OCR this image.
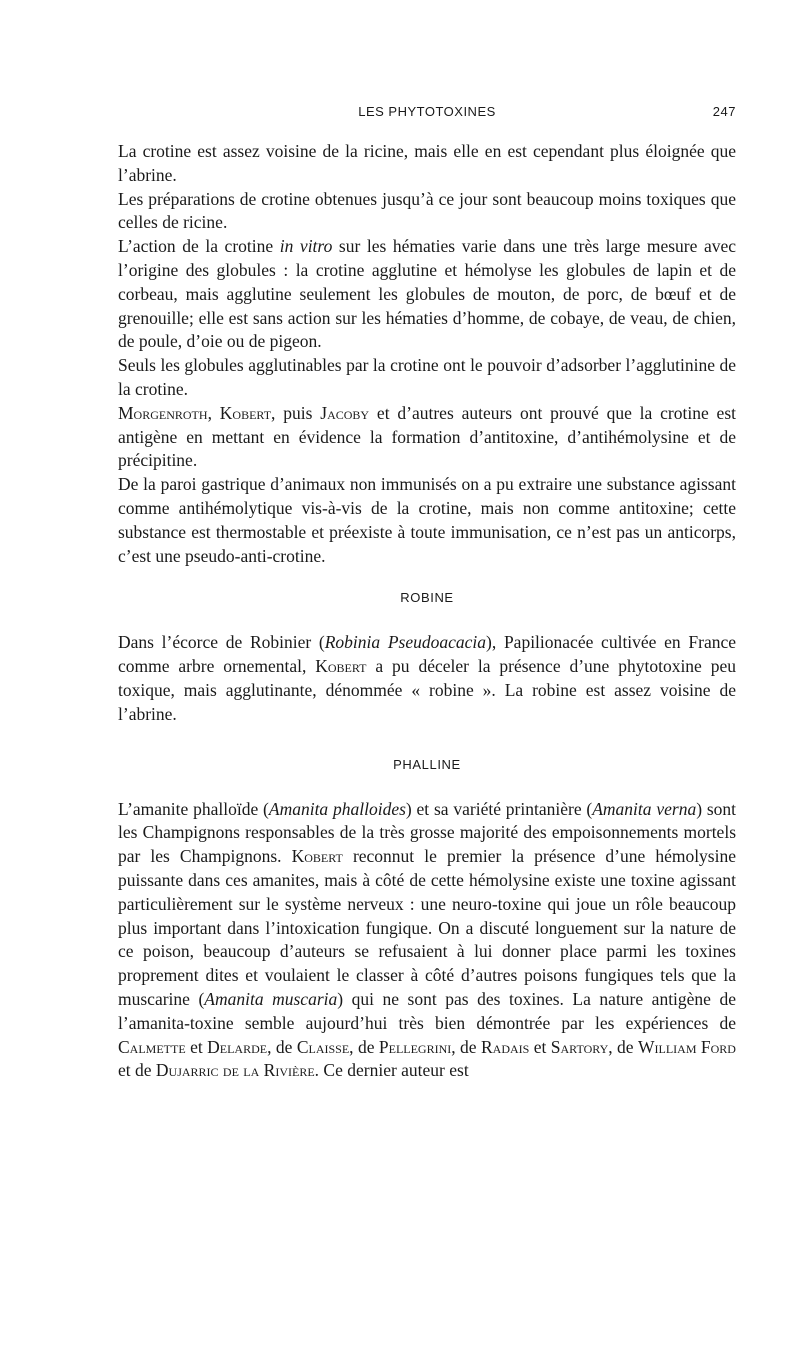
LES PHYTOTOXINES	247

La crotine est assez voisine de la ricine, mais elle en est cependant plus éloignée que l’abrine.

Les préparations de crotine obtenues jusqu’à ce jour sont beaucoup moins toxiques que celles de ricine.

L’action de la crotine in vitro sur les hématies varie dans une très large mesure avec l’origine des globules : la crotine agglutine et hémolyse les globules de lapin et de corbeau, mais agglutine seulement les globules de mouton, de porc, de bœuf et de grenouille; elle est sans action sur les hématies d’homme, de cobaye, de veau, de chien, de poule, d’oie ou de pigeon.

Seuls les globules agglutinables par la crotine ont le pouvoir d’adsorber l’agglutinine de la crotine.

Morgenroth, Kobert, puis Jacoby et d’autres auteurs ont prouvé que la crotine est antigène en mettant en évidence la formation d’antitoxine, d’antihémolysine et de précipitine.

De la paroi gastrique d’animaux non immunisés on a pu extraire une substance agissant comme antihémolytique vis-à-vis de la crotine, mais non comme antitoxine; cette substance est thermostable et préexiste à toute immunisation, ce n’est pas un anticorps, c’est une pseudo-anti-crotine.

ROBINE

Dans l’écorce de Robinier (Robinia Pseudoacacia), Papilionacée cultivée en France comme arbre ornemental, Kobert a pu déceler la présence d’une phytotoxine peu toxique, mais agglutinante, dénommée « robine ». La robine est assez voisine de l’abrine.

PHALLINE

L’amanite phalloïde (Amanita phalloides) et sa variété printanière (Amanita verna) sont les Champignons responsables de la très grosse majorité des empoisonnements mortels par les Champignons. Kobert reconnut le premier la présence d’une hémolysine puissante dans ces amanites, mais à côté de cette hémolysine existe une toxine agissant particulièrement sur le système nerveux : une neuro-toxine qui joue un rôle beaucoup plus important dans l’intoxication fungique. On a discuté longuement sur la nature de ce poison, beaucoup d’auteurs se refusaient à lui donner place parmi les toxines proprement dites et voulaient le classer à côté d’autres poisons fungiques tels que la muscarine (Amanita muscaria) qui ne sont pas des toxines. La nature antigène de l’amanita-toxine semble aujourd’hui très bien démontrée par les expériences de Calmette et Delarde, de Claisse, de Pellegrini, de Radais et Sartory, de William Ford et de Dujarric de la Rivière. Ce dernier auteur est
